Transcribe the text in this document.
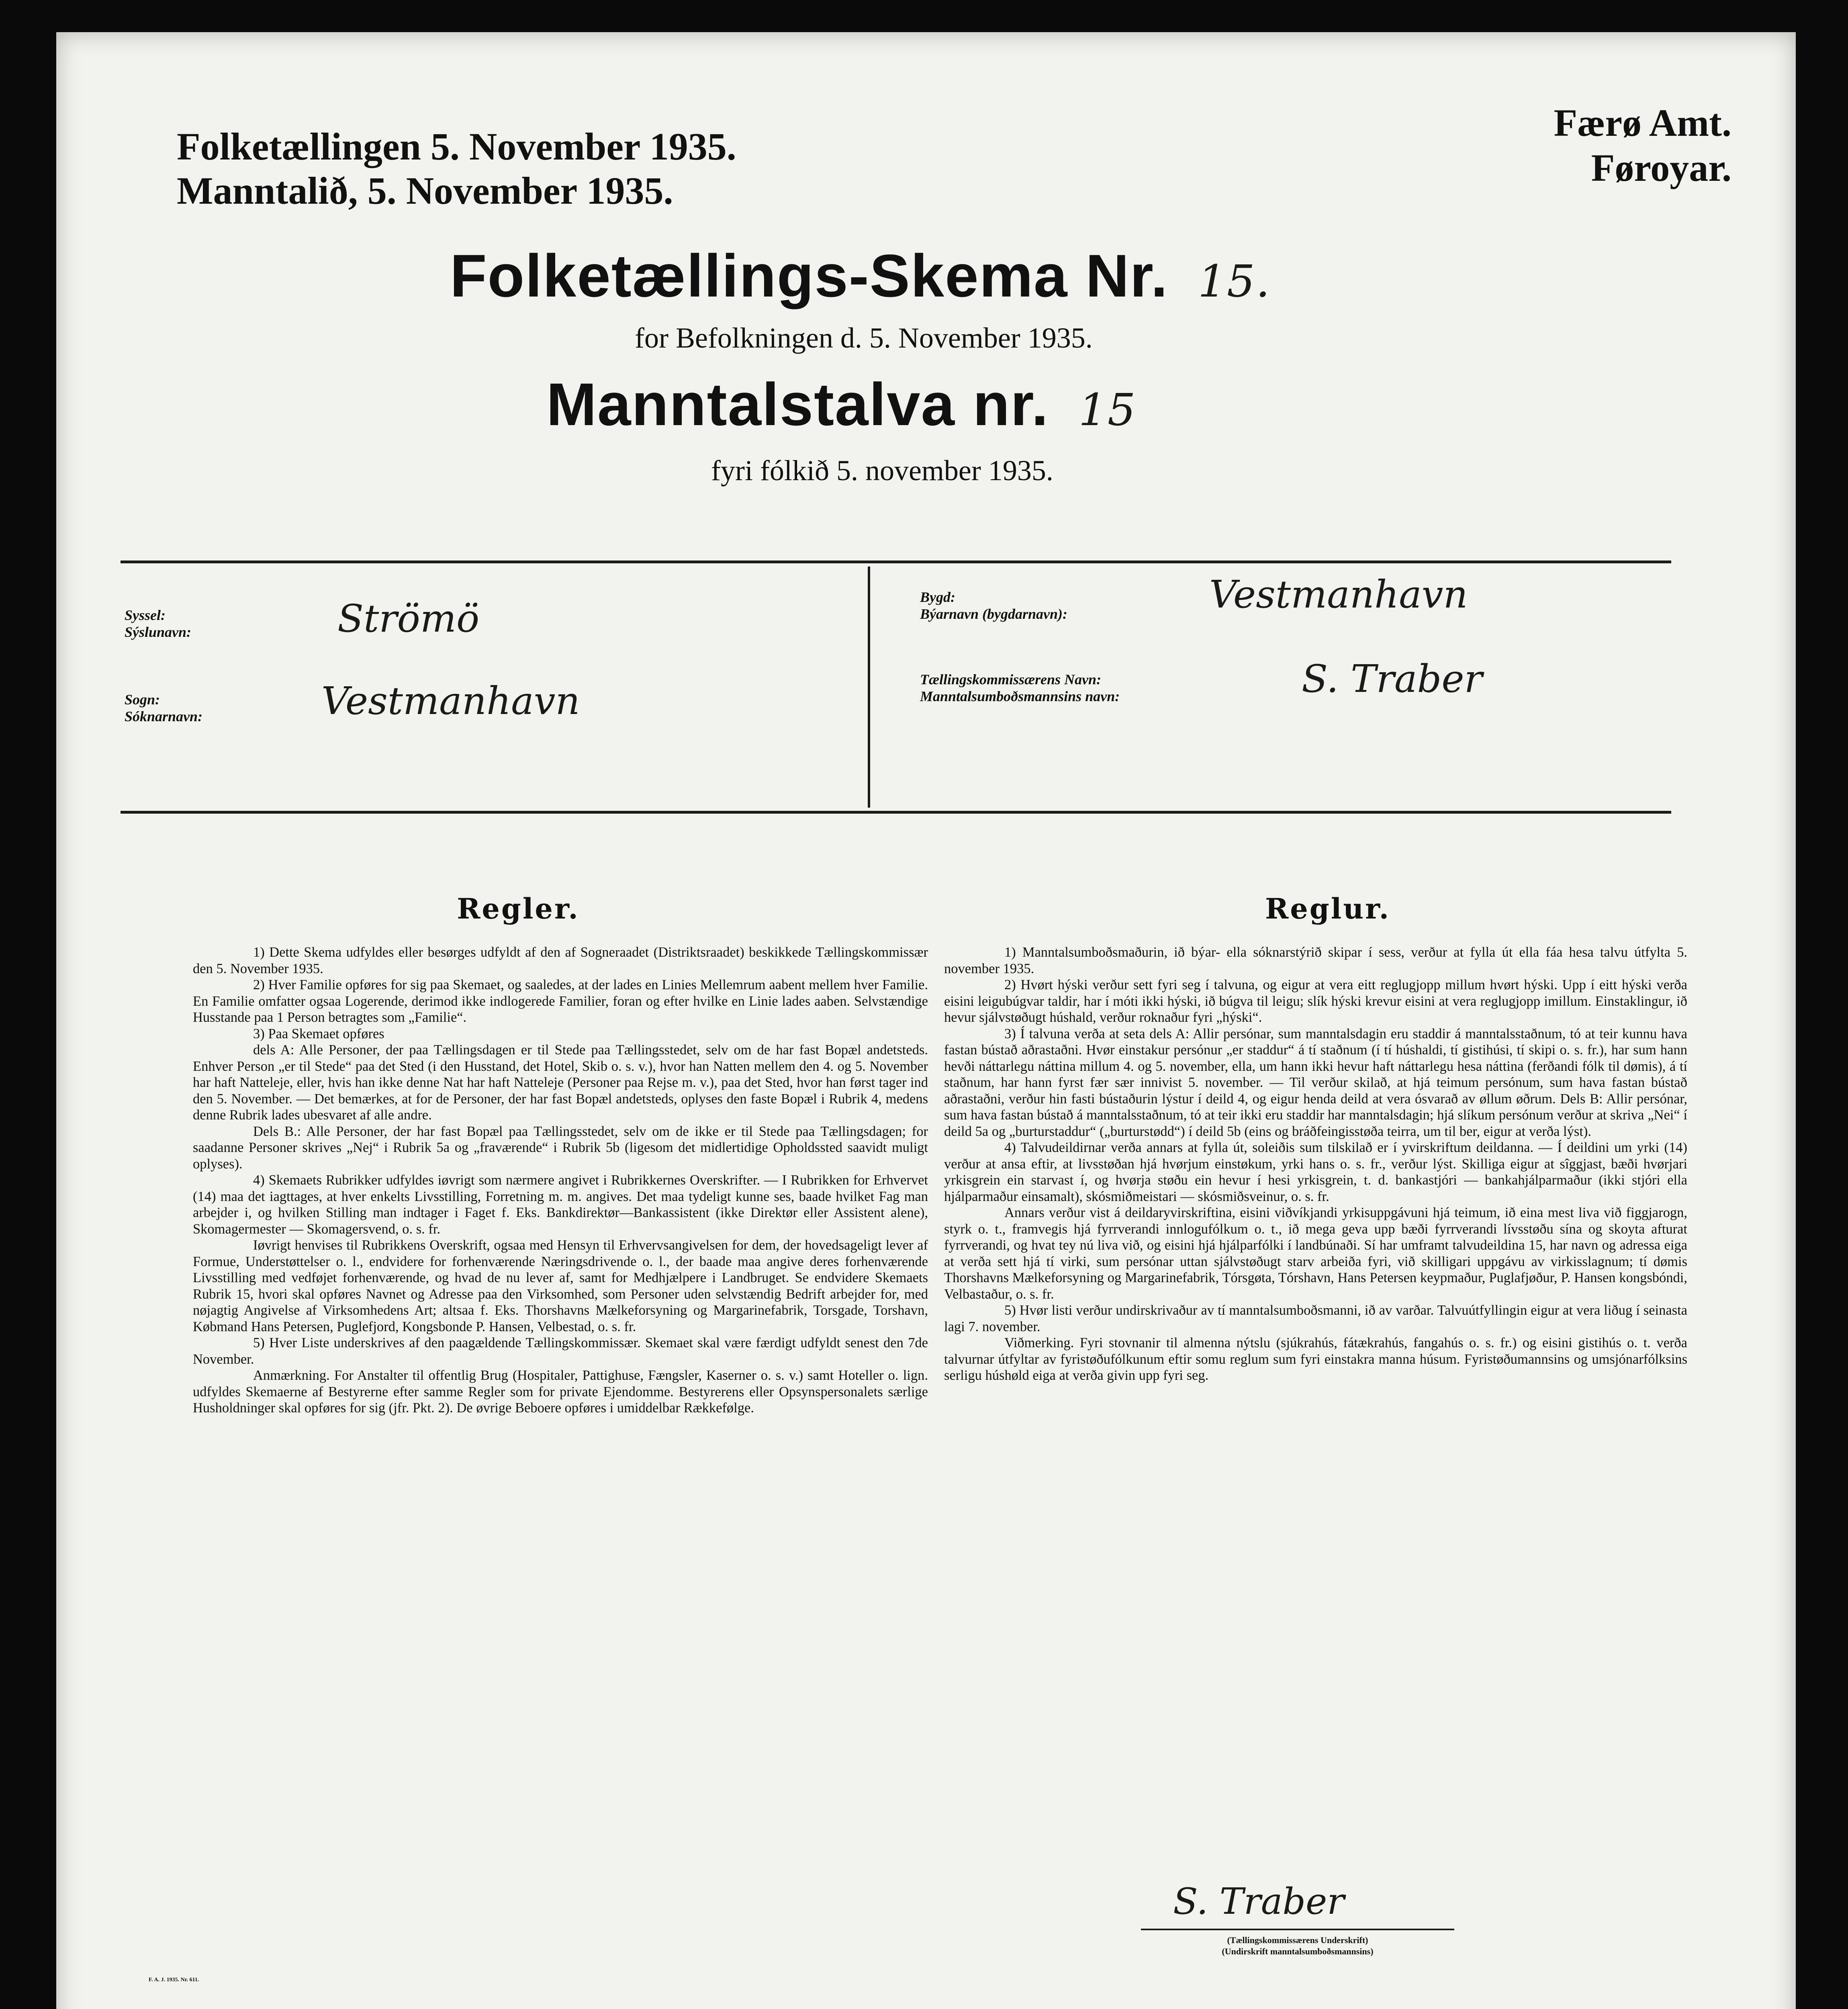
Folketællingen 5. November 1935.
Manntalið, 5. November 1935.
Færø Amt.
Føroyar.
Folketællings-Skema Nr. 15.
for Befolkningen d. 5. November 1935.
Manntalstalva nr. 15
fyri fólkið 5. november 1935.
Syssel:
Sýslunavn:	Strömö
Sogn:
Sóknarnavn:	Vestmanhavn
Bygd:
Býarnavn (bygdarnavn):	Vestmanhavn
Tællingskommissærens Navn:
Manntalsumboðsmannsins navn:	S. Traber
Regler.

1) Dette Skema udfyldes eller besørges udfyldt af den af Sogneraadet (Distriktsraadet) beskikkede Tællingskommissær den 5. November 1935.

2) Hver Familie opføres for sig paa Skemaet, og saaledes, at der lades en Linies Mellemrum aabent mellem hver Familie. En Familie omfatter ogsaa Logerende, derimod ikke indlogerede Familier, foran og efter hvilke en Linie lades aaben. Selvstændige Husstande paa 1 Person betragtes som „Familie“.

3) Paa Skemaet opføres

dels A: Alle Personer, der paa Tællingsdagen er til Stede paa Tællingsstedet, selv om de har fast Bopæl andetsteds. Enhver Person „er til Stede“ paa det Sted (i den Husstand, det Hotel, Skib o. s. v.), hvor han Natten mellem den 4. og 5. November har haft Natteleje, eller, hvis han ikke denne Nat har haft Natteleje (Personer paa Rejse m. v.), paa det Sted, hvor han først tager ind den 5. November. — Det bemærkes, at for de Personer, der har fast Bopæl andetsteds, oplyses den faste Bopæl i Rubrik 4, medens denne Rubrik lades ubesvaret af alle andre.

Dels B.: Alle Personer, der har fast Bopæl paa Tællingsstedet, selv om de ikke er til Stede paa Tællingsdagen; for saadanne Personer skrives „Nej“ i Rubrik 5a og „fraværende“ i Rubrik 5b (ligesom det midlertidige Opholdssted saavidt muligt oplyses).

4) Skemaets Rubrikker udfyldes iøvrigt som nærmere angivet i Rubrikkernes Overskrifter. — I Rubrikken for Erhvervet (14) maa det iagttages, at hver enkelts Livsstilling, Forretning m. m. angives. Det maa tydeligt kunne ses, baade hvilket Fag man arbejder i, og hvilken Stilling man indtager i Faget f. Eks. Bankdirektør—Bankassistent (ikke Direktør eller Assistent alene), Skomagermester — Skomagersvend, o. s. fr.

Iøvrigt henvises til Rubrikkens Overskrift, ogsaa med Hensyn til Erhvervsangivelsen for dem, der hovedsageligt lever af Formue, Understøttelser o. l., endvidere for forhenværende Næringsdrivende o. l., der baade maa angive deres forhenværende Livsstilling med vedføjet forhenværende, og hvad de nu lever af, samt for Medhjælpere i Landbruget. Se endvidere Skemaets Rubrik 15, hvori skal opføres Navnet og Adresse paa den Virksomhed, som Personer uden selvstændig Bedrift arbejder for, med nøjagtig Angivelse af Virksomhedens Art; altsaa f. Eks. Thorshavns Mælkeforsyning og Margarinefabrik, Torsgade, Torshavn, Købmand Hans Petersen, Puglefjord, Kongsbonde P. Hansen, Velbestad, o. s. fr.

5) Hver Liste underskrives af den paagældende Tællingskommissær. Skemaet skal være færdigt udfyldt senest den 7de November.

Anmærkning. For Anstalter til offentlig Brug (Hospitaler, Pattighuse, Fængsler, Kaserner o. s. v.) samt Hoteller o. lign. udfyldes Skemaerne af Bestyrerne efter samme Regler som for private Ejendomme. Bestyrerens eller Opsynspersonalets særlige Husholdninger skal opføres for sig (jfr. Pkt. 2). De øvrige Beboere opføres i umiddelbar Rækkefølge.

Reglur.

1) Manntalsumboðsmaðurin, ið býar- ella sóknarstýrið skipar í sess, verður at fylla út ella fáa hesa talvu útfylta 5. november 1935.

2) Hvørt hýski verður sett fyri seg í talvuna, og eigur at vera eitt reglugjopp millum hvørt hýski. Upp í eitt hýski verða eisini leigubúgvar taldir, har í móti ikki hýski, ið búgva til leigu; slík hýski krevur eisini at vera reglugjopp imillum. Einstaklingur, ið hevur sjálvstøðugt húshald, verður roknaður fyri „hýski“.

3) Í talvuna verða at seta dels A: Allir persónar, sum manntalsdagin eru staddir á manntalsstaðnum, tó at teir kunnu hava fastan bústað aðrastaðni. Hvør einstakur persónur „er staddur“ á tí staðnum (í tí húshaldi, tí gistihúsi, tí skipi o. s. fr.), har sum hann hevði náttarlegu náttina millum 4. og 5. november, ella, um hann ikki hevur haft náttarlegu hesa náttina (ferðandi fólk til dømis), á tí staðnum, har hann fyrst fær sær innivist 5. november. — Til verður skilað, at hjá teimum persónum, sum hava fastan bústað aðrastaðni, verður hin fasti bústaðurin lýstur í deild 4, og eigur henda deild at vera ósvarað av øllum øðrum. Dels B: Allir persónar, sum hava fastan bústað á manntalsstaðnum, tó at teir ikki eru staddir har manntalsdagin; hjá slíkum persónum verður at skriva „Nei“ í deild 5a og „burturstaddur“ („burturstødd“) í deild 5b (eins og bráðfeingisstøða teirra, um til ber, eigur at verða lýst).

4) Talvudeildirnar verða annars at fylla út, soleiðis sum tilskilað er í yvirskriftum deildanna. — Í deildini um yrki (14) verður at ansa eftir, at livsstøðan hjá hvørjum einstøkum, yrki hans o. s. fr., verður lýst. Skilliga eigur at sîggjast, bæði hvørjari yrkisgrein ein starvast í, og hvørja støðu ein hevur í hesi yrkisgrein, t. d. bankastjóri — bankahjálparmaður (ikki stjóri ella hjálparmaður einsamalt), skósmiðmeistari — skósmiðsveinur, o. s. fr.

Annars verður vist á deildaryvirskriftina, eisini viðvíkjandi yrkisuppgávuni hjá teimum, ið eina mest liva við figgjarogn, styrk o. t., framvegis hjá fyrrverandi innlogufólkum o. t., ið mega geva upp bæði fyrrverandi lívsstøðu sína og skoyta afturat fyrrverandi, og hvat tey nú liva við, og eisini hjá hjálparfólki í landbúnaði. Sí har umframt talvudeildina 15, har navn og adressa eiga at verða sett hjá tí virki, sum persónar uttan sjálvstøðugt starv arbeiða fyri, við skilligari uppgávu av virkisslagnum; tí dømis Thorshavns Mælkeforsyning og Margarinefabrik, Tórsgøta, Tórshavn, Hans Petersen keypmaður, Puglafjøður, P. Hansen kongsbóndi, Velbastaður, o. s. fr.

5) Hvør listi verður undirskrivaður av tí manntalsumboðsmanni, ið av varðar. Talvuútfyllingin eigur at vera liðug í seinasta lagi 7. november.

Viðmerking. Fyri stovnanir til almenna nýtslu (sjúkrahús, fátækrahús, fangahús o. s. fr.) og eisini gistihús o. t. verða talvurnar útfyltar av fyristøðufólkunum eftir somu reglum sum fyri einstakra manna húsum. Fyristøðumannsins og umsjónarfólksins serligu húshøld eiga at verða givin upp fyri seg.

S. Traber
(Tællingskommissærens Underskrift)
(Undirskrift manntalsumboðsmannsins)
F. A. J. 1935. Nr. 611.
